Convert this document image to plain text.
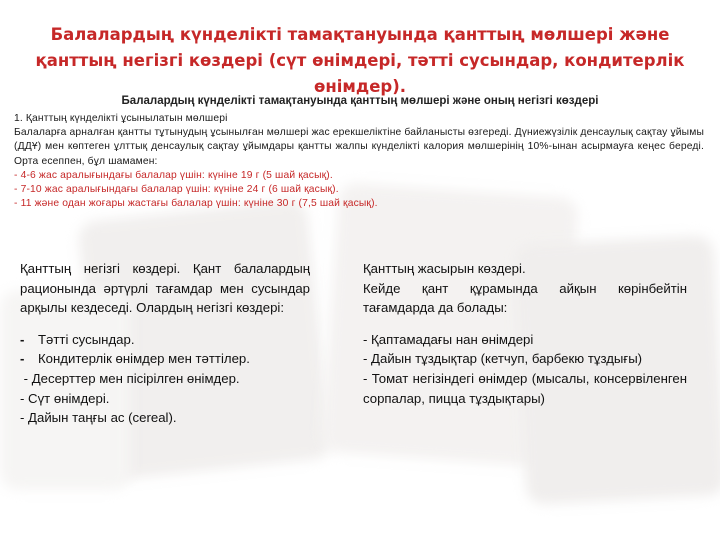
Балалардың күнделікті тамақтануында қанттың мөлшері және қанттың негізгі көздері (сүт өнімдері, тәтті сусындар, кондитерлік өнімдер).
Балалардың күнделікті тамақтануында қанттың мөлшері және оның негізгі көздері
1. Қанттың күнделікті ұсынылатын мөлшері
Балаларға арналған қантты тұтынудың ұсынылған мөлшері жас ерекшеліктіне байланысты өзгереді. Дүниежүзілік денсаулық сақтау ұйымы (ДДҰ) мен көптеген ұлттық денсаулық сақтау ұйымдары қантты жалпы күнделікті калория мөлшерінің 10%-ынан асырмауға кеңес береді. Орта есеппен, бұл шамамен:
- 4-6 жас аралығындағы балалар үшін: күніне 19 г (5 шай қасық).
- 7-10 жас аралығындағы балалар үшін: күніне 24 г (6 шай қасық).
- 11 және одан жоғары жастағы балалар үшін: күніне 30 г (7,5 шай қасық).
Қанттың негізгі көздері. Қант балалардың рационында әртүрлі тағамдар мен сусындар арқылы кездеседі. Олардың негізгі көздері:
-	Тәтті сусындар.
-	Кондитерлік өнімдер мен тәттілер.
- Десерттер мен пісірілген өнімдер.
- Сүт өнімдері.
- Дайын таңғы ас (cereal).
Қанттың жасырын көздері.
Кейде қант құрамында айқын көрінбейтін тағамдарда да болады:
- Қаптамадағы нан өнімдері
- Дайын тұздықтар (кетчуп, барбекю тұздығы)
- Томат негізіндегі өнімдер (мысалы, консервіленген сорпалар, пицца тұздықтары)
